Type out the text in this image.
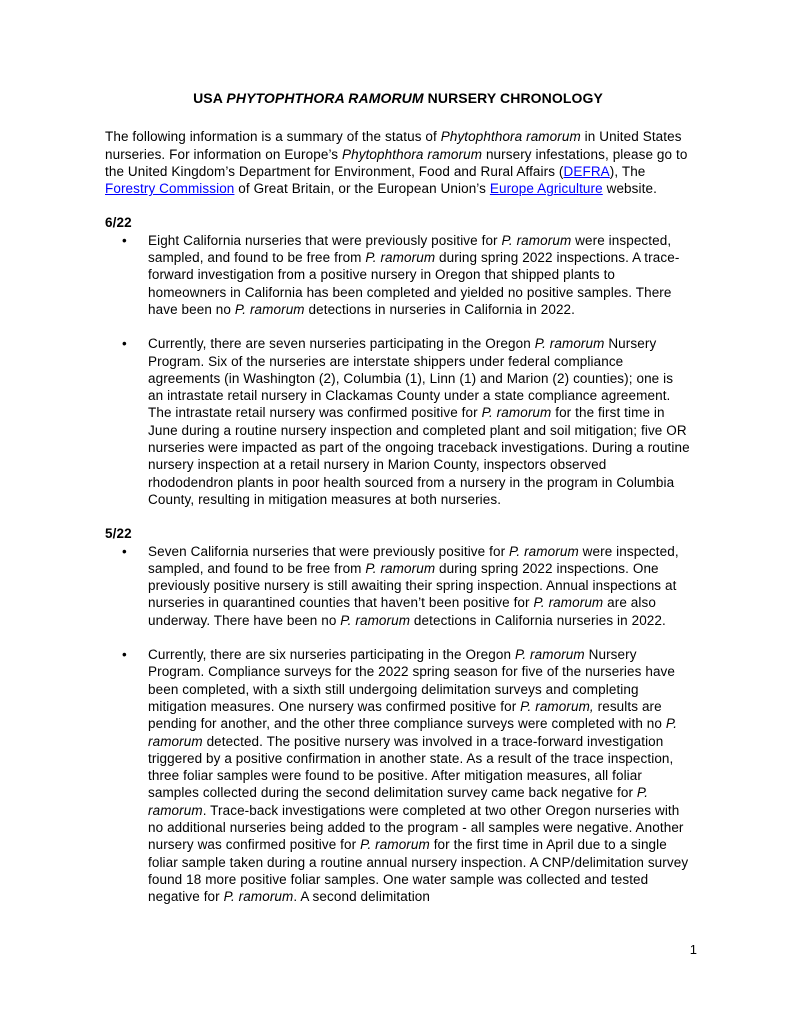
USA PHYTOPHTHORA RAMORUM NURSERY CHRONOLOGY

The following information is a summary of the status of Phytophthora ramorum in United States nurseries. For information on Europe’s Phytophthora ramorum nursery infestations, please go to the United Kingdom’s Department for Environment, Food and Rural Affairs (DEFRA), The Forestry Commission of Great Britain, or the European Union’s Europe Agriculture website.

6/22
• Eight California nurseries that were previously positive for P. ramorum were inspected, sampled, and found to be free from P. ramorum during spring 2022 inspections. A trace-forward investigation from a positive nursery in Oregon that shipped plants to homeowners in California has been completed and yielded no positive samples. There have been no P. ramorum detections in nurseries in California in 2022.
• Currently, there are seven nurseries participating in the Oregon P. ramorum Nursery Program. Six of the nurseries are interstate shippers under federal compliance agreements (in Washington (2), Columbia (1), Linn (1) and Marion (2) counties); one is an intrastate retail nursery in Clackamas County under a state compliance agreement. The intrastate retail nursery was confirmed positive for P. ramorum for the first time in June during a routine nursery inspection and completed plant and soil mitigation; five OR nurseries were impacted as part of the ongoing traceback investigations. During a routine nursery inspection at a retail nursery in Marion County, inspectors observed rhododendron plants in poor health sourced from a nursery in the program in Columbia County, resulting in mitigation measures at both nurseries.
5/22
• Seven California nurseries that were previously positive for P. ramorum were inspected, sampled, and found to be free from P. ramorum during spring 2022 inspections. One previously positive nursery is still awaiting their spring inspection. Annual inspections at nurseries in quarantined counties that haven’t been positive for P. ramorum are also underway. There have been no P. ramorum detections in California nurseries in 2022.
• Currently, there are six nurseries participating in the Oregon P. ramorum Nursery Program. Compliance surveys for the 2022 spring season for five of the nurseries have been completed, with a sixth still undergoing delimitation surveys and completing mitigation measures. One nursery was confirmed positive for P. ramorum, results are pending for another, and the other three compliance surveys were completed with no P. ramorum detected. The positive nursery was involved in a trace-forward investigation triggered by a positive confirmation in another state. As a result of the trace inspection, three foliar samples were found to be positive. After mitigation measures, all foliar samples collected during the second delimitation survey came back negative for P. ramorum. Trace-back investigations were completed at two other Oregon nurseries with no additional nurseries being added to the program - all samples were negative. Another nursery was confirmed positive for P. ramorum for the first time in April due to a single foliar sample taken during a routine annual nursery inspection. A CNP/delimitation survey found 18 more positive foliar samples. One water sample was collected and tested negative for P. ramorum. A second delimitation
1
